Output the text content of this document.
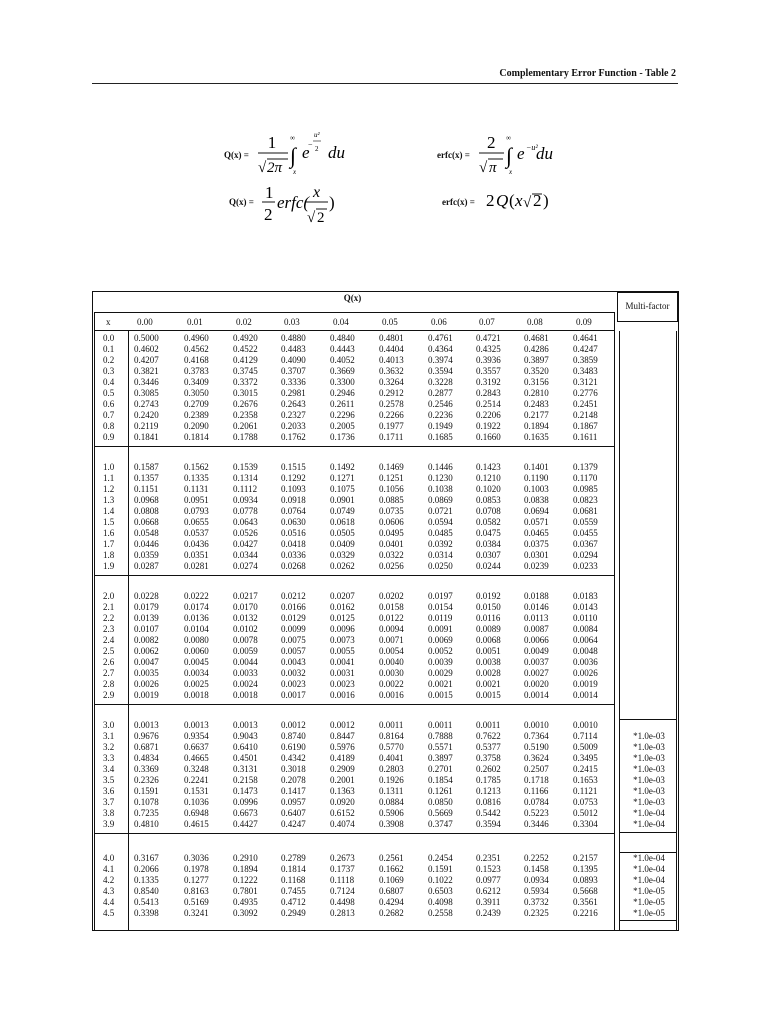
Complementary Error Function - Table 2
Q(x) =
1
√ 2π
∞
∫
x
e
u²
− 2 du
Q(x) = 1
2
erfc(
x
√ 2
)
erfc(x) =
2
√ π
∞
∫
x
e −u²
du
erfc(x) = 2 Q ( x √ 2 )
Q(x)
Multi-factor
x	0.00	0.01	0.02	0.03	0.04	0.05	0.06	0.07	0.08	0.09
0.0 0.5000	0.4960	0.4920	0.4880	0.4840	0.4801	0.4761	0.4721	0.4681	0.4641
0.1 0.4602	0.4562	0.4522	0.4483	0.4443	0.4404	0.4364	0.4325	0.4286	0.4247
0.2 0.4207	0.4168	0.4129	0.4090	0.4052	0.4013	0.3974	0.3936	0.3897	0.3859
0.3 0.3821	0.3783	0.3745	0.3707	0.3669	0.3632	0.3594	0.3557	0.3520	0.3483
0.4 0.3446	0.3409	0.3372	0.3336	0.3300	0.3264	0.3228	0.3192	0.3156	0.3121
0.5 0.3085	0.3050	0.3015	0.2981	0.2946	0.2912	0.2877	0.2843	0.2810	0.2776
0.6 0.2743	0.2709	0.2676	0.2643	0.2611	0.2578	0.2546	0.2514	0.2483	0.2451
0.7 0.2420	0.2389	0.2358	0.2327	0.2296	0.2266	0.2236	0.2206	0.2177	0.2148
0.8 0.2119	0.2090	0.2061	0.2033	0.2005	0.1977	0.1949	0.1922	0.1894	0.1867
0.9 0.1841	0.1814	0.1788	0.1762	0.1736	0.1711	0.1685	0.1660	0.1635	0.1611
1.0 0.1587	0.1562	0.1539	0.1515	0.1492	0.1469	0.1446	0.1423	0.1401	0.1379
1.1 0.1357	0.1335	0.1314	0.1292	0.1271	0.1251	0.1230	0.1210	0.1190	0.1170
1.2 0.1151	0.1131	0.1112	0.1093	0.1075	0.1056	0.1038	0.1020	0.1003	0.0985
1.3 0.0968	0.0951	0.0934	0.0918	0.0901	0.0885	0.0869	0.0853	0.0838	0.0823
1.4 0.0808	0.0793	0.0778	0.0764	0.0749	0.0735	0.0721	0.0708	0.0694	0.0681
1.5 0.0668	0.0655	0.0643	0.0630	0.0618	0.0606	0.0594	0.0582	0.0571	0.0559
1.6 0.0548	0.0537	0.0526	0.0516	0.0505	0.0495	0.0485	0.0475	0.0465	0.0455
1.7 0.0446	0.0436	0.0427	0.0418	0.0409	0.0401	0.0392	0.0384	0.0375	0.0367
1.8 0.0359	0.0351	0.0344	0.0336	0.0329	0.0322	0.0314	0.0307	0.0301	0.0294
1.9 0.0287	0.0281	0.0274	0.0268	0.0262	0.0256	0.0250	0.0244	0.0239	0.0233
2.0 0.0228	0.0222	0.0217	0.0212	0.0207	0.0202	0.0197	0.0192	0.0188	0.0183
2.1 0.0179	0.0174	0.0170	0.0166	0.0162	0.0158	0.0154	0.0150	0.0146	0.0143
2.2 0.0139	0.0136	0.0132	0.0129	0.0125	0.0122	0.0119	0.0116	0.0113	0.0110
2.3 0.0107	0.0104	0.0102	0.0099	0.0096	0.0094	0.0091	0.0089	0.0087	0.0084
2.4 0.0082	0.0080	0.0078	0.0075	0.0073	0.0071	0.0069	0.0068	0.0066	0.0064
2.5 0.0062	0.0060	0.0059	0.0057	0.0055	0.0054	0.0052	0.0051	0.0049	0.0048
2.6 0.0047	0.0045	0.0044	0.0043	0.0041	0.0040	0.0039	0.0038	0.0037	0.0036
2.7 0.0035	0.0034	0.0033	0.0032	0.0031	0.0030	0.0029	0.0028	0.0027	0.0026
2.8 0.0026	0.0025	0.0024	0.0023	0.0023	0.0022	0.0021	0.0021	0.0020	0.0019
2.9 0.0019	0.0018	0.0018	0.0017	0.0016	0.0016	0.0015	0.0015	0.0014	0.0014
3.0 0.0013	0.0013	0.0013	0.0012	0.0012	0.0011	0.0011	0.0011	0.0010	0.0010
3.1 0.9676	0.9354	0.9043	0.8740	0.8447	0.8164	0.7888	0.7622	0.7364	0.7114	*1.0e-03
3.2 0.6871	0.6637	0.6410	0.6190	0.5976	0.5770	0.5571	0.5377	0.5190	0.5009	*1.0e-03
3.3 0.4834	0.4665	0.4501	0.4342	0.4189	0.4041	0.3897	0.3758	0.3624	0.3495	*1.0e-03
3.4 0.3369	0.3248	0.3131	0.3018	0.2909	0.2803	0.2701	0.2602	0.2507	0.2415	*1.0e-03
3.5 0.2326	0.2241	0.2158	0.2078	0.2001	0.1926	0.1854	0.1785	0.1718	0.1653	*1.0e-03
3.6 0.1591	0.1531	0.1473	0.1417	0.1363	0.1311	0.1261	0.1213	0.1166	0.1121	*1.0e-03
3.7 0.1078	0.1036	0.0996	0.0957	0.0920	0.0884	0.0850	0.0816	0.0784	0.0753	*1.0e-03
3.8 0.7235	0.6948	0.6673	0.6407	0.6152	0.5906	0.5669	0.5442	0.5223	0.5012	*1.0e-04
3.9 0.4810	0.4615	0.4427	0.4247	0.4074	0.3908	0.3747	0.3594	0.3446	0.3304	*1.0e-04
4.0 0.3167	0.3036	0.2910	0.2789	0.2673	0.2561	0.2454	0.2351	0.2252	0.2157	*1.0e-04
4.1 0.2066	0.1978	0.1894	0.1814	0.1737	0.1662	0.1591	0.1523	0.1458	0.1395	*1.0e-04
4.2 0.1335	0.1277	0.1222	0.1168	0.1118	0.1069	0.1022	0.0977	0.0934	0.0893	*1.0e-04
4.3 0.8540	0.8163	0.7801	0.7455	0.7124	0.6807	0.6503	0.6212	0.5934	0.5668	*1.0e-05
4.4 0.5413	0.5169	0.4935	0.4712	0.4498	0.4294	0.4098	0.3911	0.3732	0.3561	*1.0e-05
4.5 0.3398	0.3241	0.3092	0.2949	0.2813	0.2682	0.2558	0.2439	0.2325	0.2216	*1.0e-05
